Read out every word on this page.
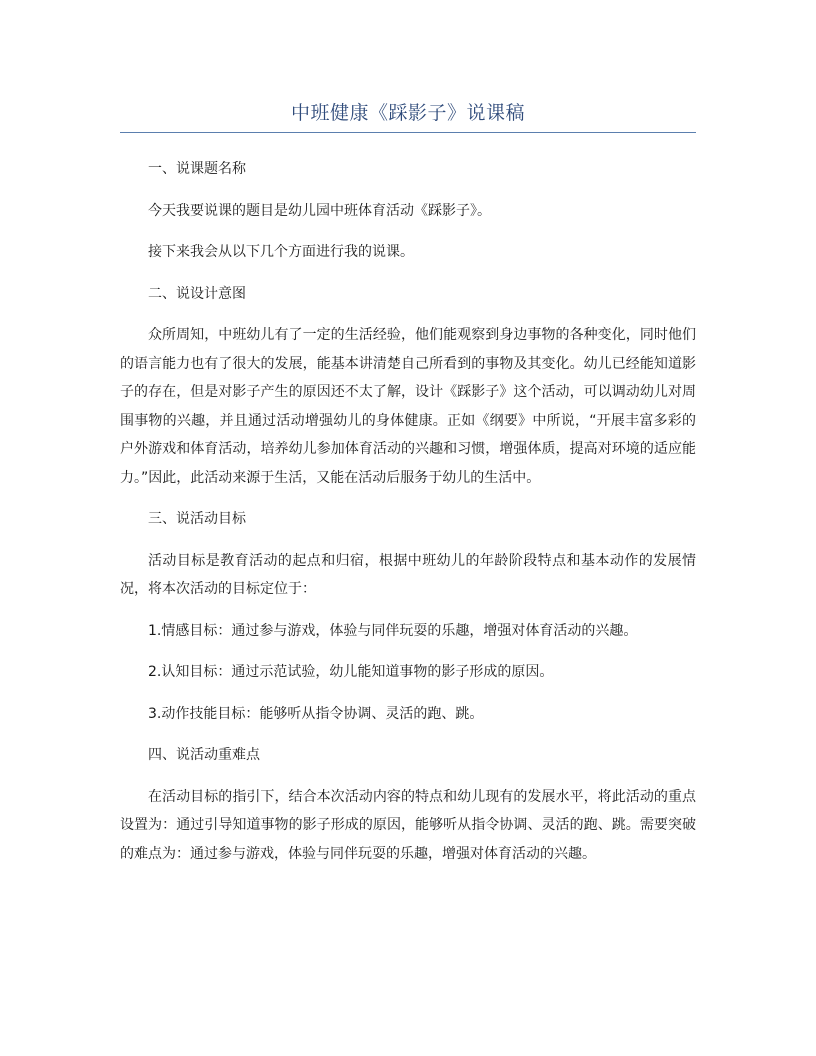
中班健康《踩影子》说课稿

一、说课题名称

今天我要说课的题目是幼儿园中班体育活动《踩影子》。

接下来我会从以下几个方面进行我的说课。

二、说设计意图

众所周知，中班幼儿有了一定的生活经验，他们能观察到身边事物的各种变化，同时他们的语言能力也有了很大的发展，能基本讲清楚自己所看到的事物及其变化。幼儿已经能知道影子的存在，但是对影子产生的原因还不太了解，设计《踩影子》这个活动，可以调动幼儿对周围事物的兴趣，并且通过活动增强幼儿的身体健康。正如《纲要》中所说，“开展丰富多彩的户外游戏和体育活动，培养幼儿参加体育活动的兴趣和习惯，增强体质，提高对环境的适应能力。”因此，此活动来源于生活，又能在活动后服务于幼儿的生活中。

三、说活动目标

活动目标是教育活动的起点和归宿，根据中班幼儿的年龄阶段特点和基本动作的发展情况，将本次活动的目标定位于：

1.情感目标：通过参与游戏，体验与同伴玩耍的乐趣，增强对体育活动的兴趣。

2.认知目标：通过示范试验，幼儿能知道事物的影子形成的原因。

3.动作技能目标：能够听从指令协调、灵活的跑、跳。

四、说活动重难点

在活动目标的指引下，结合本次活动内容的特点和幼儿现有的发展水平，将此活动的重点设置为：通过引导知道事物的影子形成的原因，能够听从指令协调、灵活的跑、跳。需要突破的难点为：通过参与游戏，体验与同伴玩耍的乐趣，增强对体育活动的兴趣。
